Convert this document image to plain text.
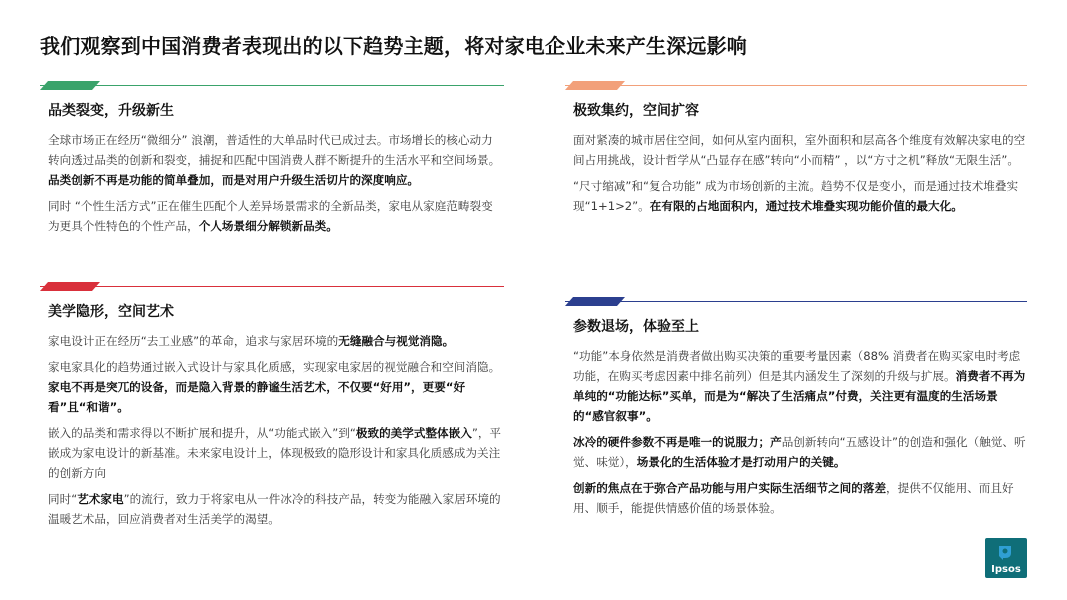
我们观察到中国消费者表现出的以下趋势主题，将对家电企业未来产生深远影响
品类裂变，升级新生
全球市场正在经历“微细分” 浪潮，普适性的大单品时代已成过去。市场增长的核心动力转向透过品类的创新和裂变，捕捉和匹配中国消费人群不断提升的生活水平和空间场景。品类创新不再是功能的简单叠加，而是对用户升级生活切片的深度响应。
同时 “个性生活方式”正在催生匹配个人差异场景需求的全新品类，家电从家庭范畴裂变为更具个性特色的个性产品，个人场景细分解锁新品类。
极致集约，空间扩容
面对紧凑的城市居住空间，如何从室内面积，室外面积和层高各个维度有效解决家电的空间占用挑战，设计哲学从“凸显存在感”转向“小而精” ，以“方寸之机”释放“无限生活”。
“尺寸缩减”和“复合功能” 成为市场创新的主流。趋势不仅是变小，而是通过技术堆叠实现“1+1>2”。在有限的占地面积内，通过技术堆叠实现功能价值的最大化。
美学隐形，空间艺术
家电设计正在经历“去工业感”的革命，追求与家居环境的无缝融合与视觉消隐。
家电家具化的趋势通过嵌入式设计与家具化质感，实现家电家居的视觉融合和空间消隐。家电不再是突兀的设备，而是隐入背景的静谧生活艺术，不仅要“好用”，更要“好看”且“和谐”。
嵌入的品类和需求得以不断扩展和提升，从“功能式嵌入”到“极致的美学式整体嵌入”，平嵌成为家电设计的新基准。未来家电设计上，体现极致的隐形设计和家具化质感成为关注的创新方向
同时“艺术家电”的流行，致力于将家电从一件冰冷的科技产品，转变为能融入家居环境的温暖艺术品，回应消费者对生活美学的渴望。
参数退场，体验至上
“功能”本身依然是消费者做出购买决策的重要考量因素（88% 消费者在购买家电时考虑功能，在购买考虑因素中排名前列）但是其内涵发生了深刻的升级与扩展。消费者不再为单纯的“功能达标”买单，而是为“解决了生活痛点”付费，关注更有温度的生活场景的“感官叙事”。
冰冷的硬件参数不再是唯一的说服力；产品创新转向“五感设计”的创造和强化（触觉、听觉、味觉），场景化的生活体验才是打动用户的关键。
创新的焦点在于弥合产品功能与用户实际生活细节之间的落差，提供不仅能用、而且好用、顺手，能提供情感价值的场景体验。
Ipsos
